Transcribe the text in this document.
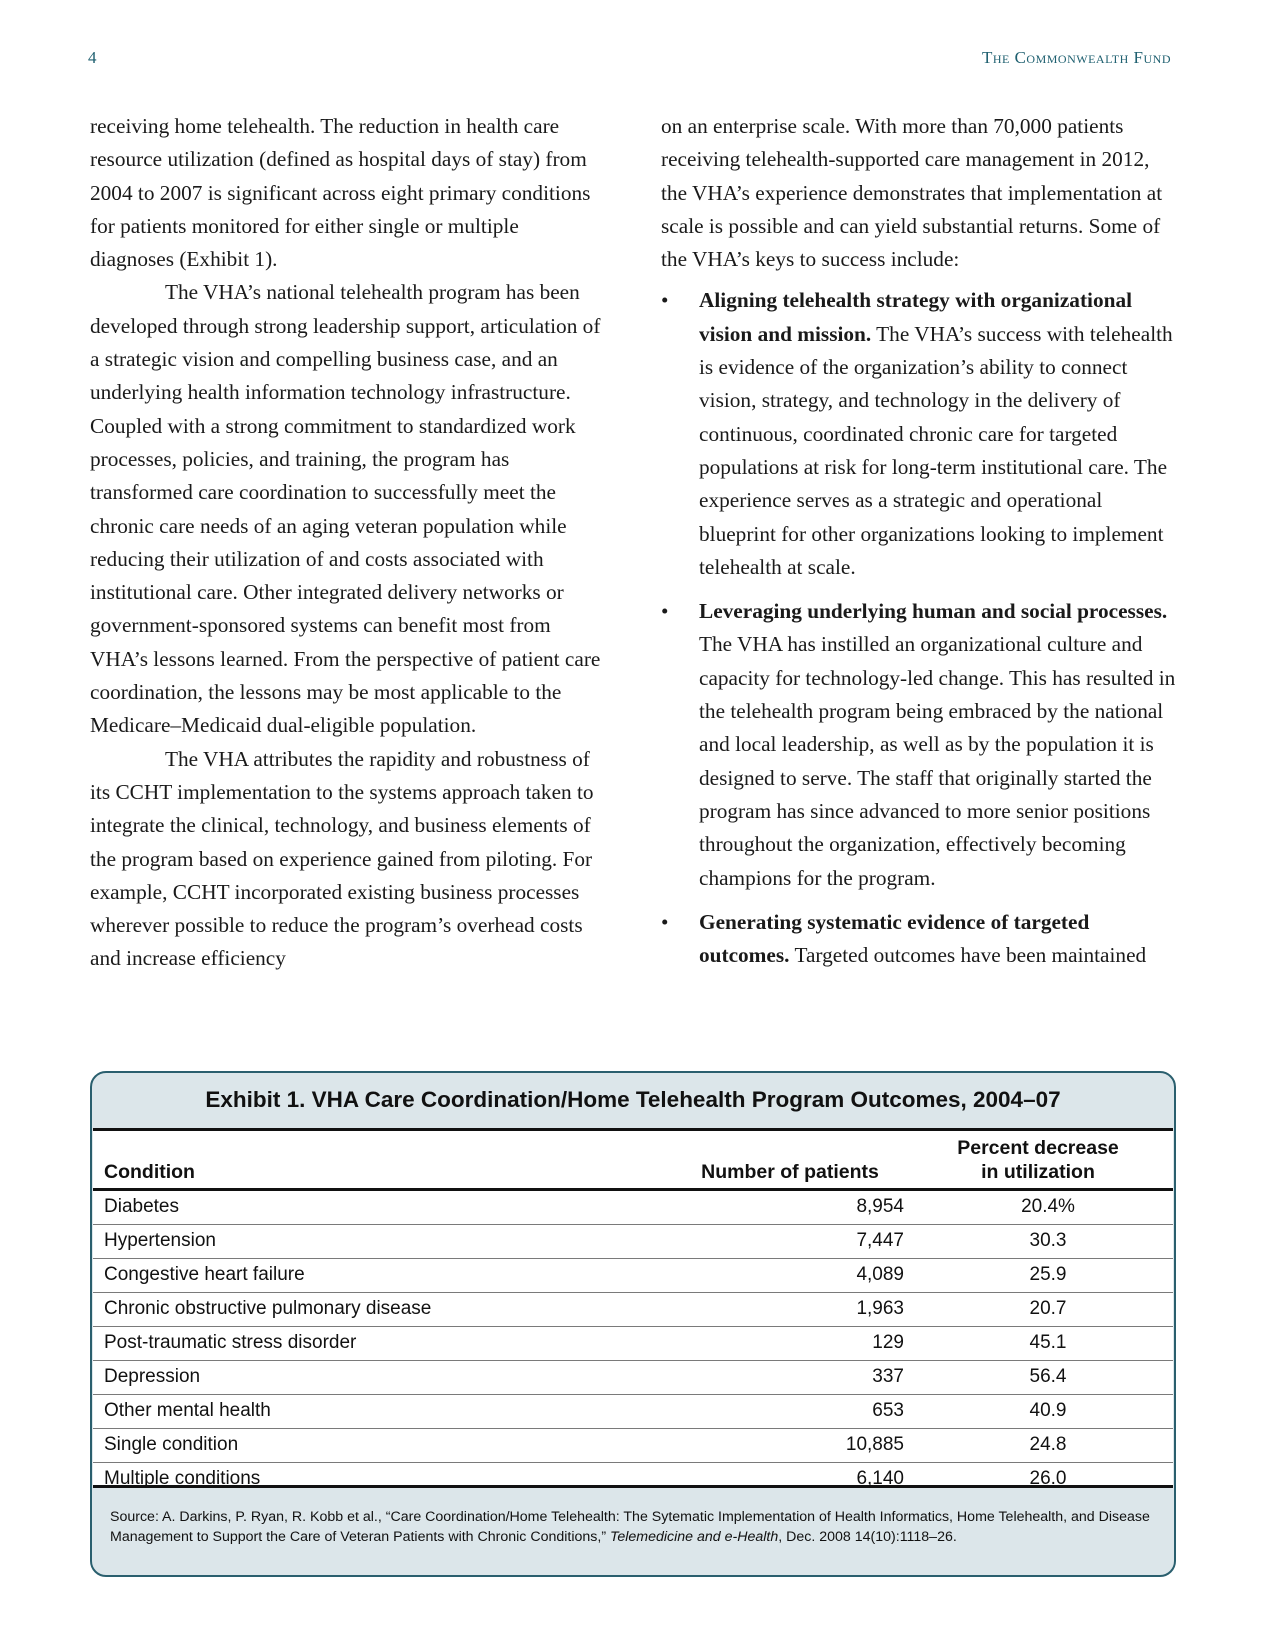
4	The Commonwealth Fund

receiving home telehealth. The reduction in health care resource utilization (defined as hospital days of stay) from 2004 to 2007 is significant across eight primary conditions for patients monitored for either single or multiple diagnoses (Exhibit 1).

The VHA’s national telehealth program has been developed through strong leadership support, articulation of a strategic vision and compelling business case, and an underlying health information technology infrastructure. Coupled with a strong commitment to standardized work processes, policies, and training, the program has transformed care coordination to successfully meet the chronic care needs of an aging veteran population while reducing their utilization of and costs associated with institutional care. Other integrated delivery networks or government-sponsored systems can benefit most from VHA’s lessons learned. From the perspective of patient care coordination, the lessons may be most applicable to the Medicare–Medicaid dual-eligible population.

The VHA attributes the rapidity and robustness of its CCHT implementation to the systems approach taken to integrate the clinical, technology, and business elements of the program based on experience gained from piloting. For example, CCHT incorporated existing business processes wherever possible to reduce the program’s overhead costs and increase efficiency

on an enterprise scale. With more than 70,000 patients receiving telehealth-supported care management in 2012, the VHA’s experience demonstrates that implementation at scale is possible and can yield substantial returns. Some of the VHA’s keys to success include:

• Aligning telehealth strategy with organizational vision and mission. The VHA’s success with telehealth is evidence of the organization’s ability to connect vision, strategy, and technology in the delivery of continuous, coordinated chronic care for targeted populations at risk for long-term institutional care. The experience serves as a strategic and operational blueprint for other organizations looking to implement telehealth at scale.
• Leveraging underlying human and social processes. The VHA has instilled an organizational culture and capacity for technology-led change. This has resulted in the telehealth program being embraced by the national and local leadership, as well as by the population it is designed to serve. The staff that originally started the program has since advanced to more senior positions throughout the organization, effectively becoming champions for the program.
• Generating systematic evidence of targeted outcomes. Targeted outcomes have been maintained
Exhibit 1. VHA Care Coordination/Home Telehealth Program Outcomes, 2004–07
Condition	Number of patients
Percent decrease
in utilization
Diabetes	8,954	20.4%
Hypertension	7,447	30.3
Congestive heart failure	4,089	25.9
Chronic obstructive pulmonary disease	1,963	20.7
Post-traumatic stress disorder	129	45.1
Depression	337	56.4
Other mental health	653	40.9
Single condition	10,885	24.8
Multiple conditions	6,140	26.0
Source: A. Darkins, P. Ryan, R. Kobb et al., “Care Coordination/Home Telehealth: The Sytematic Implementation of Health Informatics, Home Telehealth, and Disease Management to Support the Care of Veteran Patients with Chronic Conditions,” Telemedicine and e-Health, Dec. 2008 14(10):1118–26.
